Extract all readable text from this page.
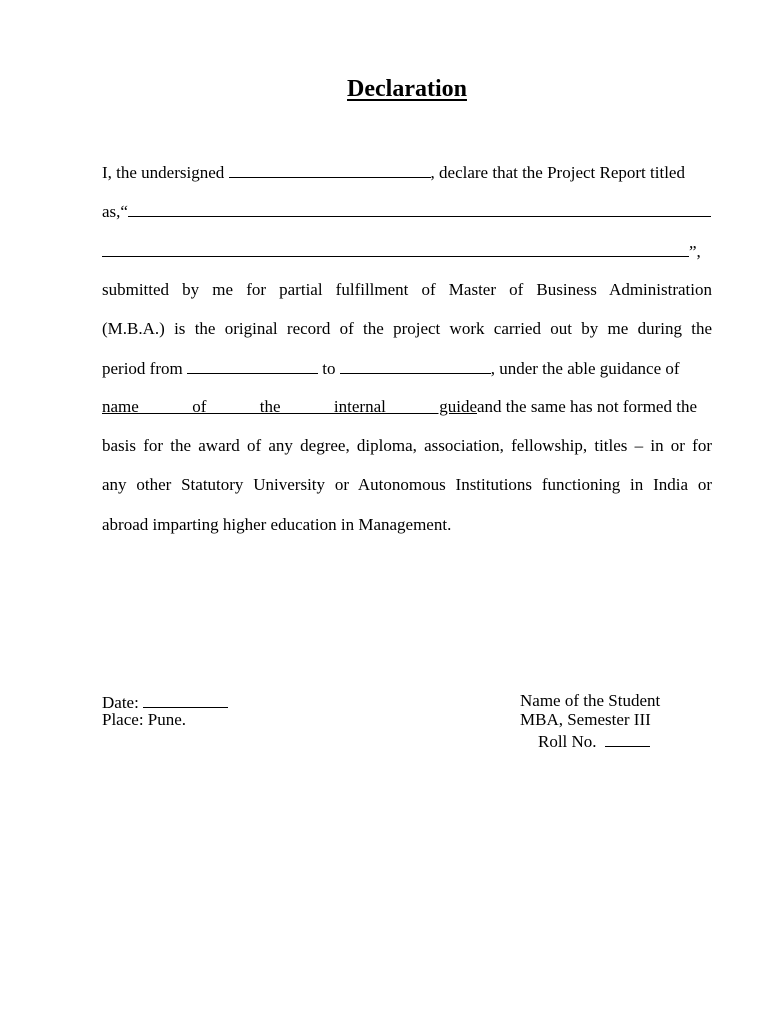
Declaration
I, the undersigned	, declare that the Project Report titled
as,“
”,
submitted by me for partial fulfillment of Master of Business Administration
(M.B.A.) is the original record of the project work carried out by me during the
period from	to	, under the able guidance of
name of the internal guideand the same has not formed the
basis for the award of any degree, diploma, association, fellowship, titles – in or for
any other Statutory University or Autonomous Institutions functioning in India or
abroad imparting higher education in Management.
Date:
Place: Pune.
Name of the Student
MBA, Semester III
Roll No.
